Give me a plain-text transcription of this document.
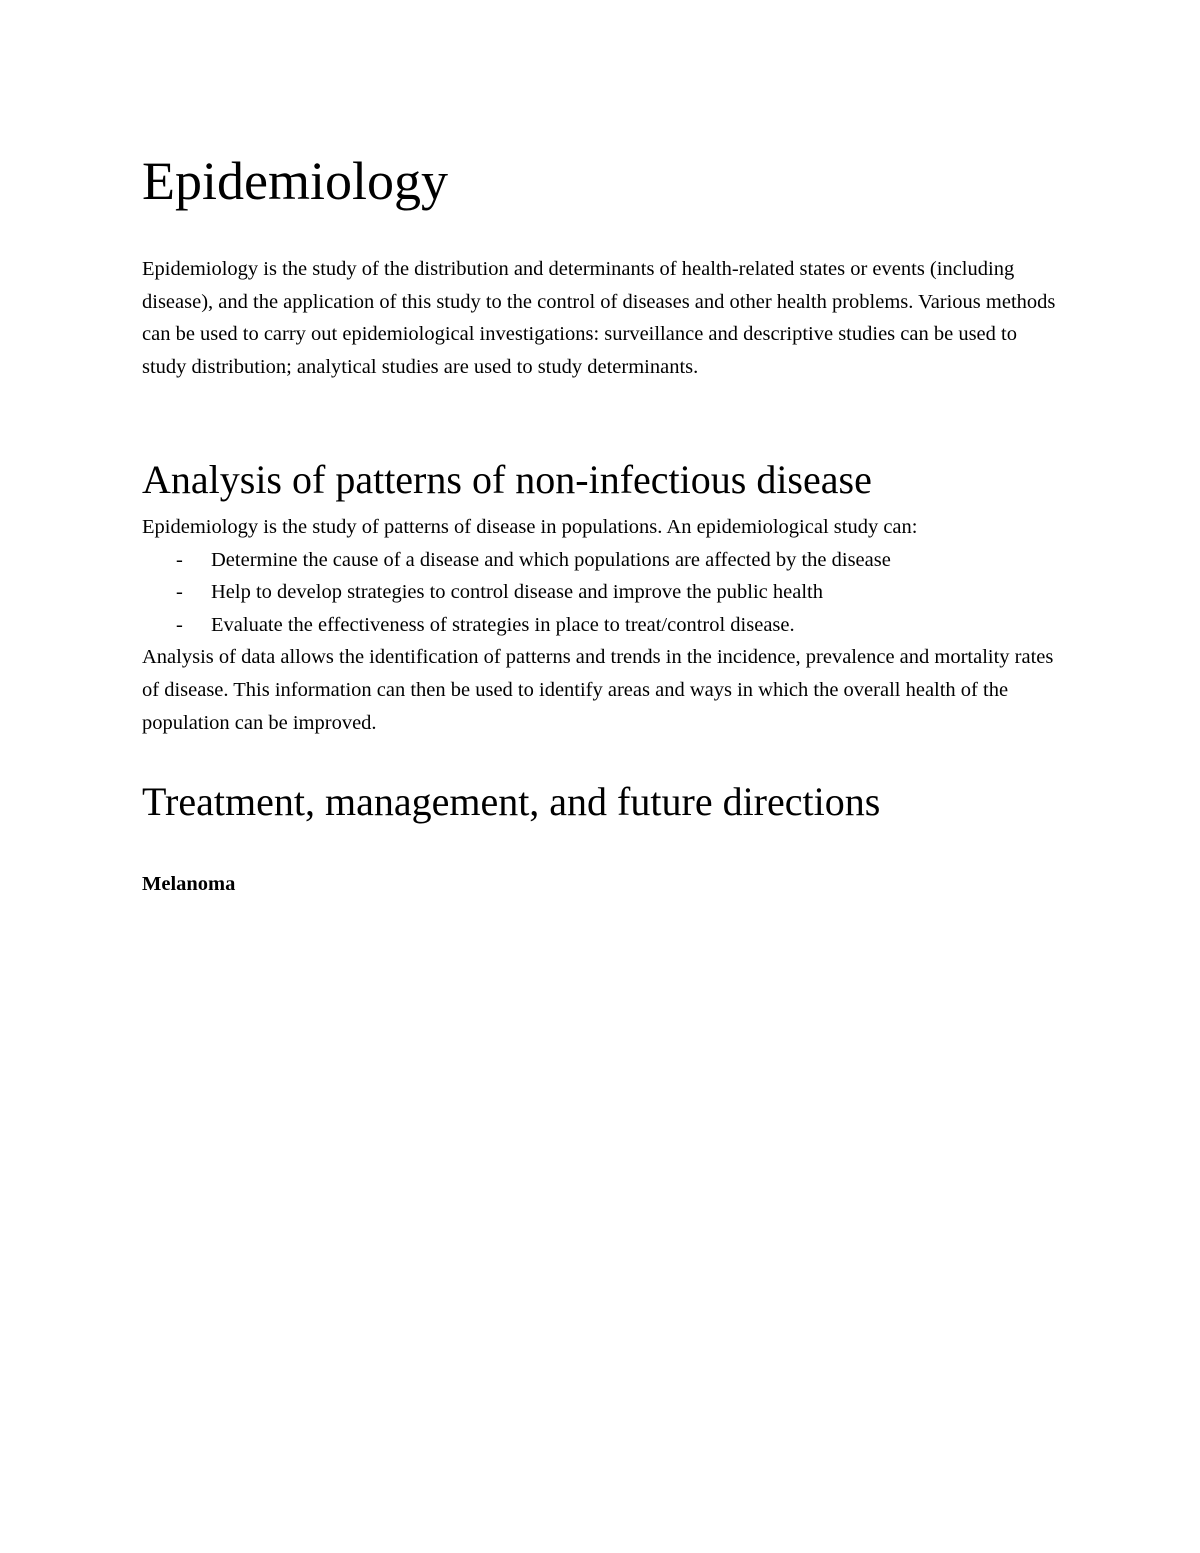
Epidemiology

Epidemiology is the study of the distribution and determinants of health-related states or events (including disease), and the application of this study to the control of diseases and other health problems. Various methods can be used to carry out epidemiological investigations: surveillance and descriptive studies can be used to study distribution; analytical studies are used to study determinants.

Analysis of patterns of non-infectious disease

Epidemiology is the study of patterns of disease in populations. An epidemiological study can:

- Determine the cause of a disease and which populations are affected by the disease
- Help to develop strategies to control disease and improve the public health
- Evaluate the effectiveness of strategies in place to treat/control disease.

Analysis of data allows the identification of patterns and trends in the incidence, prevalence and mortality rates of disease. This information can then be used to identify areas and ways in which the overall health of the population can be improved.

Treatment, management, and future directions

Melanoma
